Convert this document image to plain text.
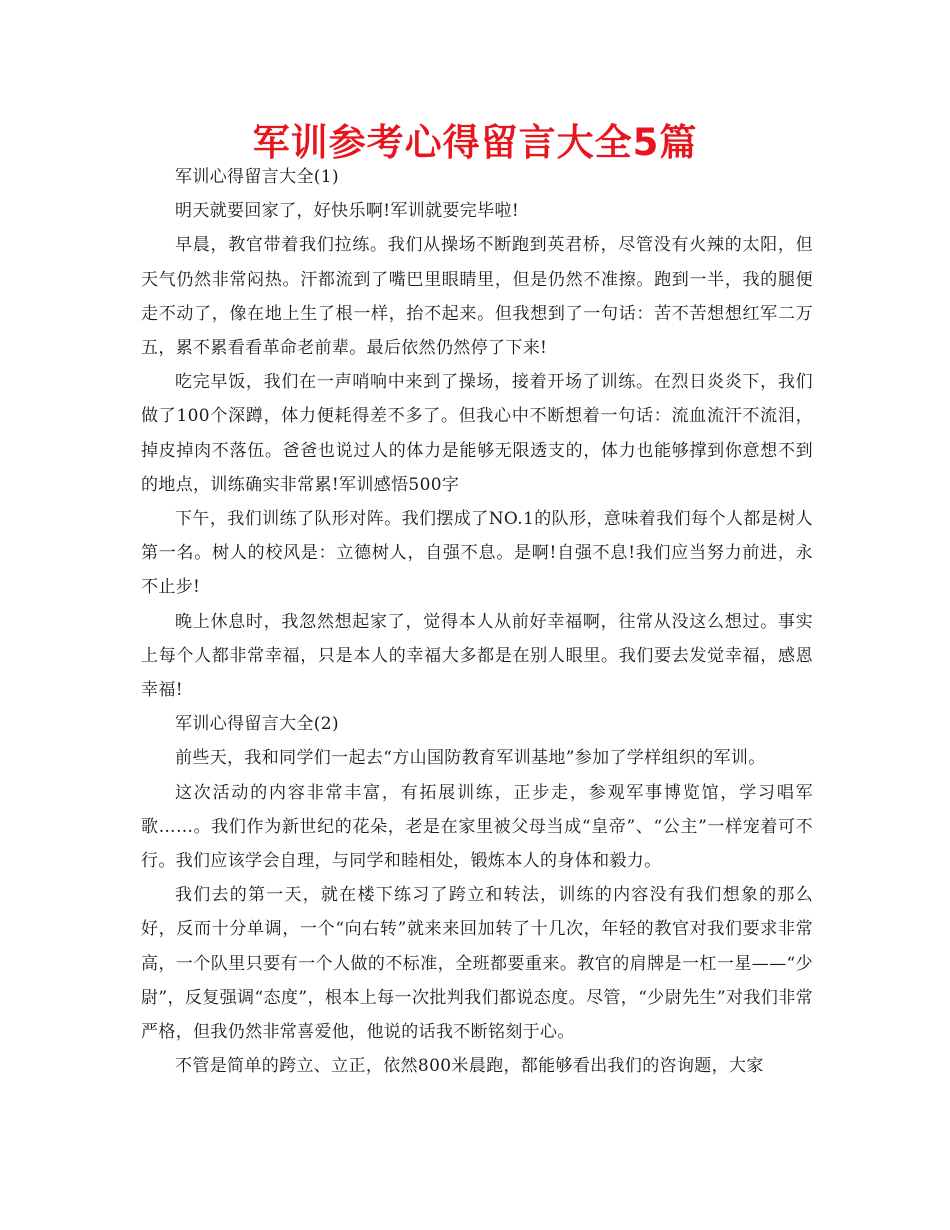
军训参考心得留言大全5篇

军训心得留言大全(1)

明天就要回家了，好快乐啊!军训就要完毕啦!

早晨，教官带着我们拉练。我们从操场不断跑到英君桥，尽管没有火辣的太阳，但天气仍然非常闷热。汗都流到了嘴巴里眼睛里，但是仍然不准擦。跑到一半，我的腿便走不动了，像在地上生了根一样，抬不起来。但我想到了一句话：苦不苦想想红军二万五，累不累看看革命老前辈。最后依然仍然停了下来!

吃完早饭，我们在一声哨响中来到了操场，接着开场了训练。在烈日炎炎下，我们做了100个深蹲，体力便耗得差不多了。但我心中不断想着一句话：流血流汗不流泪，掉皮掉肉不落伍。爸爸也说过人的体力是能够无限透支的，体力也能够撑到你意想不到的地点，训练确实非常累!军训感悟500字

下午，我们训练了队形对阵。我们摆成了NO.1的队形，意味着我们每个人都是树人第一名。树人的校风是：立德树人，自强不息。是啊!自强不息!我们应当努力前进，永不止步!

晚上休息时，我忽然想起家了，觉得本人从前好幸福啊，往常从没这么想过。事实上每个人都非常幸福，只是本人的幸福大多都是在别人眼里。我们要去发觉幸福，感恩幸福!

军训心得留言大全(2)

前些天，我和同学们一起去“方山国防教育军训基地”参加了学样组织的军训。

这次活动的内容非常丰富，有拓展训练，正步走，参观军事博览馆，学习唱军歌……。我们作为新世纪的花朵，老是在家里被父母当成“皇帝”、“公主”一样宠着可不行。我们应该学会自理，与同学和睦相处，锻炼本人的身体和毅力。

我们去的第一天，就在楼下练习了跨立和转法，训练的内容没有我们想象的那么好，反而十分单调，一个“向右转”就来来回加转了十几次，年轻的教官对我们要求非常高，一个队里只要有一个人做的不标准，全班都要重来。教官的肩牌是一杠一星——“少尉”，反复强调“态度”，根本上每一次批判我们都说态度。尽管，“少尉先生”对我们非常严格，但我仍然非常喜爱他，他说的话我不断铭刻于心。

不管是简单的跨立、立正，依然800米晨跑，都能够看出我们的咨询题，大家
